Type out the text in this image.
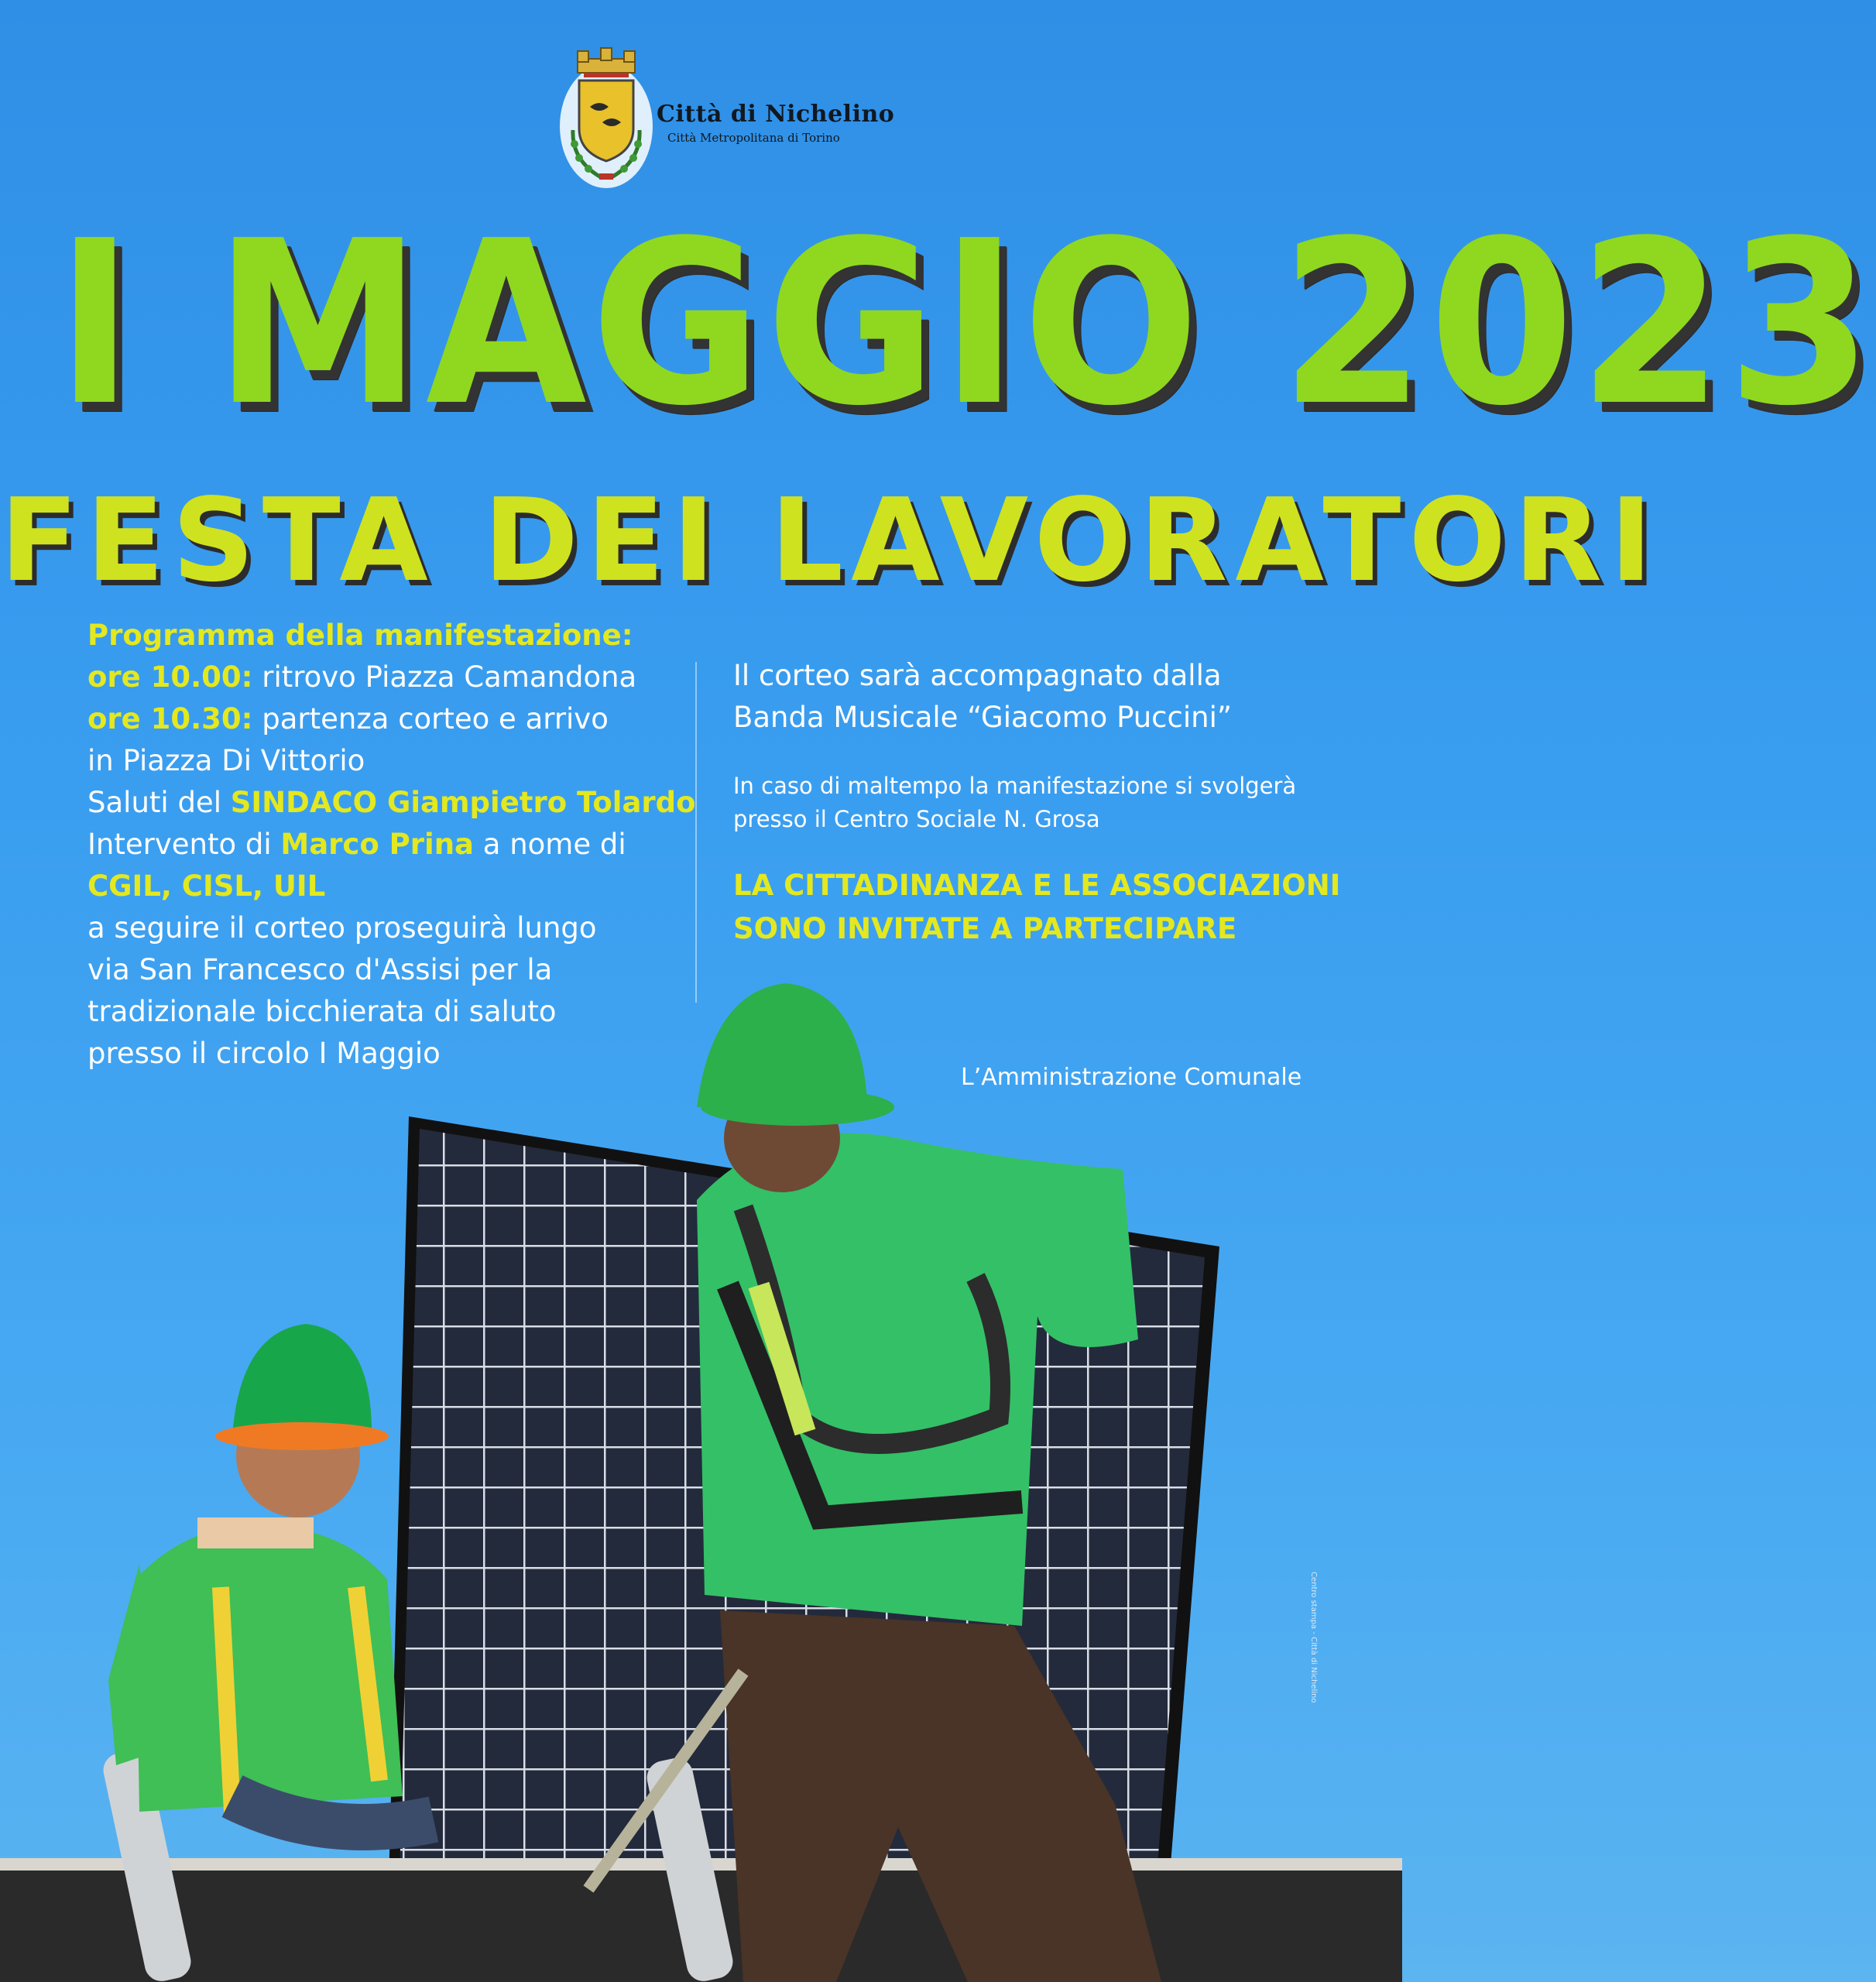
Città di Nichelino
Città Metropolitana di Torino
I MAGGIO 2023
FESTA DEI LAVORATORI
Programma della manifestazione:
ore 10.00: ritrovo Piazza Camandona
ore 10.30: partenza corteo e arrivo
in Piazza Di Vittorio
Saluti del SINDACO Giampietro Tolardo
Intervento di Marco Prina a nome di
CGIL, CISL, UIL
a seguire il corteo proseguirà lungo
via San Francesco d'Assisi per la
tradizionale bicchierata di saluto
presso il circolo I Maggio
Il corteo sarà accompagnato dalla
Banda Musicale “Giacomo Puccini”
In caso di maltempo la manifestazione si svolgerà
presso il Centro Sociale N. Grosa
LA CITTADINANZA E LE ASSOCIAZIONI
SONO INVITATE A PARTECIPARE
L’Amministrazione Comunale
Centro stampa - Città di Nichelino
